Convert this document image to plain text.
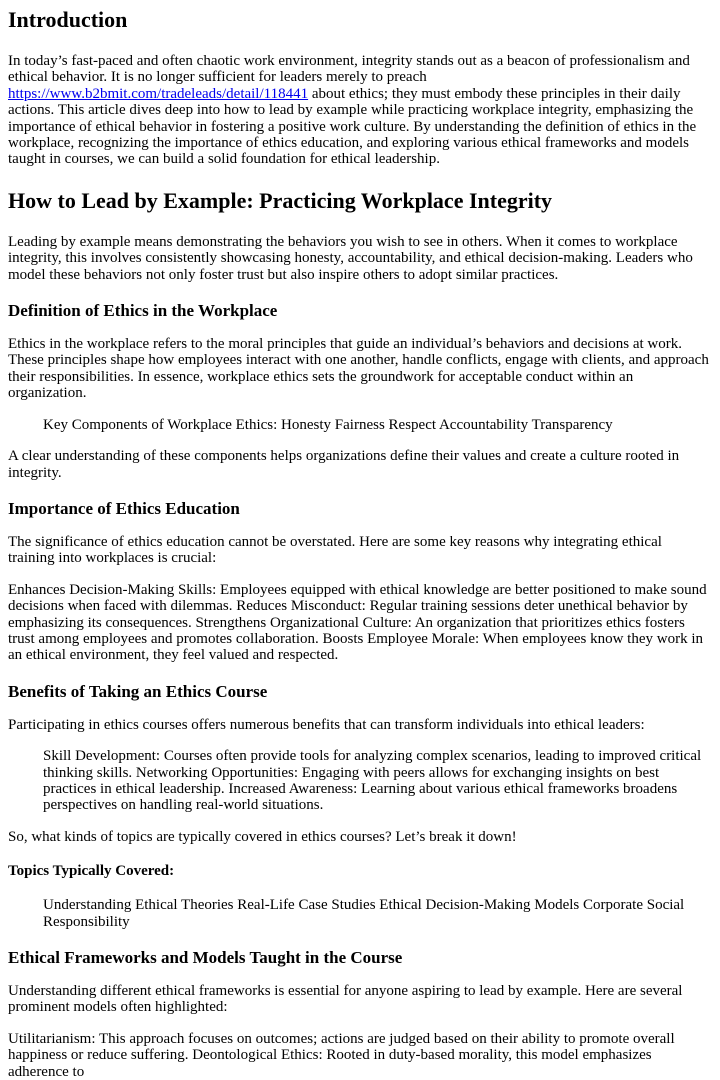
Introduction

In today’s fast-paced and often chaotic work environment, integrity stands out as a beacon of professionalism and ethical behavior. It is no longer sufficient for leaders merely to preach https://www.b2bmit.com/tradeleads/detail/118441 about ethics; they must embody these principles in their daily actions. This article dives deep into how to lead by example while practicing workplace integrity, emphasizing the importance of ethical behavior in fostering a positive work culture. By understanding the definition of ethics in the workplace, recognizing the importance of ethics education, and exploring various ethical frameworks and models taught in courses, we can build a solid foundation for ethical leadership.

How to Lead by Example: Practicing Workplace Integrity

Leading by example means demonstrating the behaviors you wish to see in others. When it comes to workplace integrity, this involves consistently showcasing honesty, accountability, and ethical decision-making. Leaders who model these behaviors not only foster trust but also inspire others to adopt similar practices.

Definition of Ethics in the Workplace

Ethics in the workplace refers to the moral principles that guide an individual’s behaviors and decisions at work. These principles shape how employees interact with one another, handle conflicts, engage with clients, and approach their responsibilities. In essence, workplace ethics sets the groundwork for acceptable conduct within an organization.

Key Components of Workplace Ethics: Honesty Fairness Respect Accountability Transparency

A clear understanding of these components helps organizations define their values and create a culture rooted in integrity.

Importance of Ethics Education

The significance of ethics education cannot be overstated. Here are some key reasons why integrating ethical training into workplaces is crucial:

Enhances Decision-Making Skills: Employees equipped with ethical knowledge are better positioned to make sound decisions when faced with dilemmas. Reduces Misconduct: Regular training sessions deter unethical behavior by emphasizing its consequences. Strengthens Organizational Culture: An organization that prioritizes ethics fosters trust among employees and promotes collaboration. Boosts Employee Morale: When employees know they work in an ethical environment, they feel valued and respected.

Benefits of Taking an Ethics Course

Participating in ethics courses offers numerous benefits that can transform individuals into ethical leaders:

Skill Development: Courses often provide tools for analyzing complex scenarios, leading to improved critical thinking skills. Networking Opportunities: Engaging with peers allows for exchanging insights on best practices in ethical leadership. Increased Awareness: Learning about various ethical frameworks broadens perspectives on handling real-world situations.

So, what kinds of topics are typically covered in ethics courses? Let’s break it down!

Topics Typically Covered:
Understanding Ethical Theories Real-Life Case Studies Ethical Decision-Making Models Corporate Social Responsibility
Ethical Frameworks and Models Taught in the Course

Understanding different ethical frameworks is essential for anyone aspiring to lead by example. Here are several prominent models often highlighted:

Utilitarianism: This approach focuses on outcomes; actions are judged based on their ability to promote overall happiness or reduce suffering. Deontological Ethics: Rooted in duty-based morality, this model emphasizes adherence to
